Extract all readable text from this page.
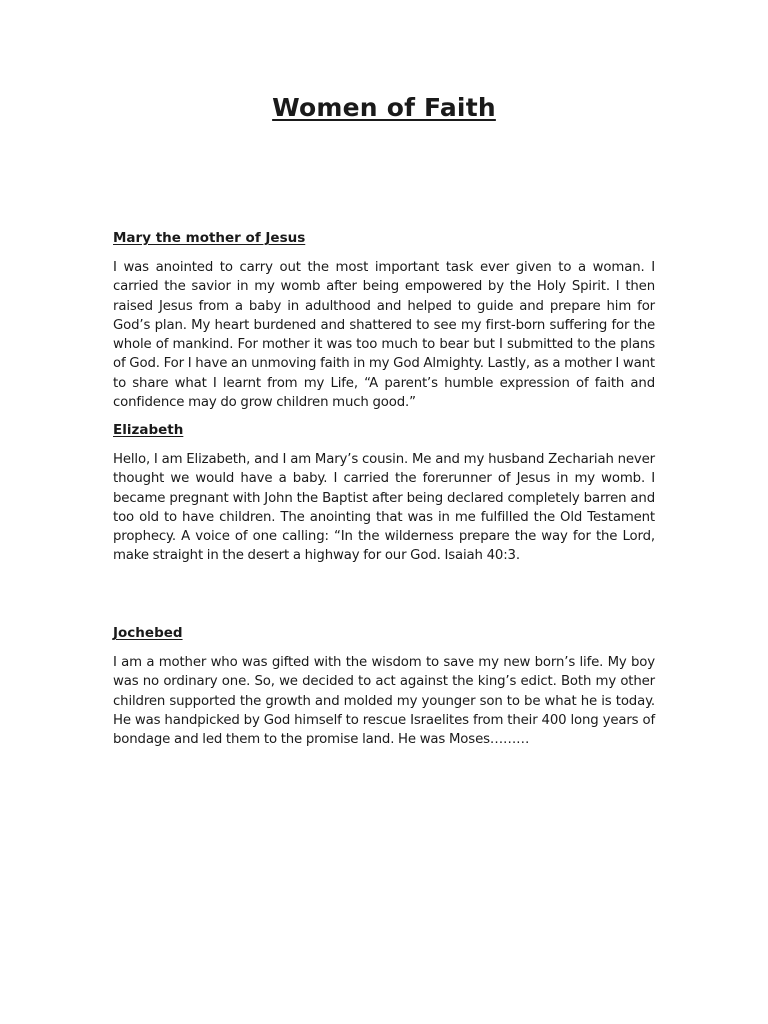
Women of Faith

Mary the mother of Jesus

I was anointed to carry out the most important task ever given to a woman. I carried the savior in my womb after being empowered by the Holy Spirit. I then raised Jesus from a baby in adulthood and helped to guide and prepare him for God’s plan. My heart burdened and shattered to see my first-born suffering for the whole of mankind. For mother it was too much to bear but I submitted to the plans of God. For I have an unmoving faith in my God Almighty. Lastly, as a mother I want to share what I learnt from my Life, “A parent’s humble expression of faith and confidence may do grow children much good.”

Elizabeth

Hello, I am Elizabeth, and I am Mary’s cousin. Me and my husband Zechariah never thought we would have a baby. I carried the forerunner of Jesus in my womb. I became pregnant with John the Baptist after being declared completely barren and too old to have children. The anointing that was in me fulfilled the Old Testament prophecy. A voice of one calling: “In the wilderness prepare the way for the Lord, make straight in the desert a highway for our God. Isaiah 40:3.

Jochebed

I am a mother who was gifted with the wisdom to save my new born’s life. My boy was no ordinary one. So, we decided to act against the king’s edict. Both my other children supported the growth and molded my younger son to be what he is today. He was handpicked by God himself to rescue Israelites from their 400 long years of bondage and led them to the promise land. He was Moses………
